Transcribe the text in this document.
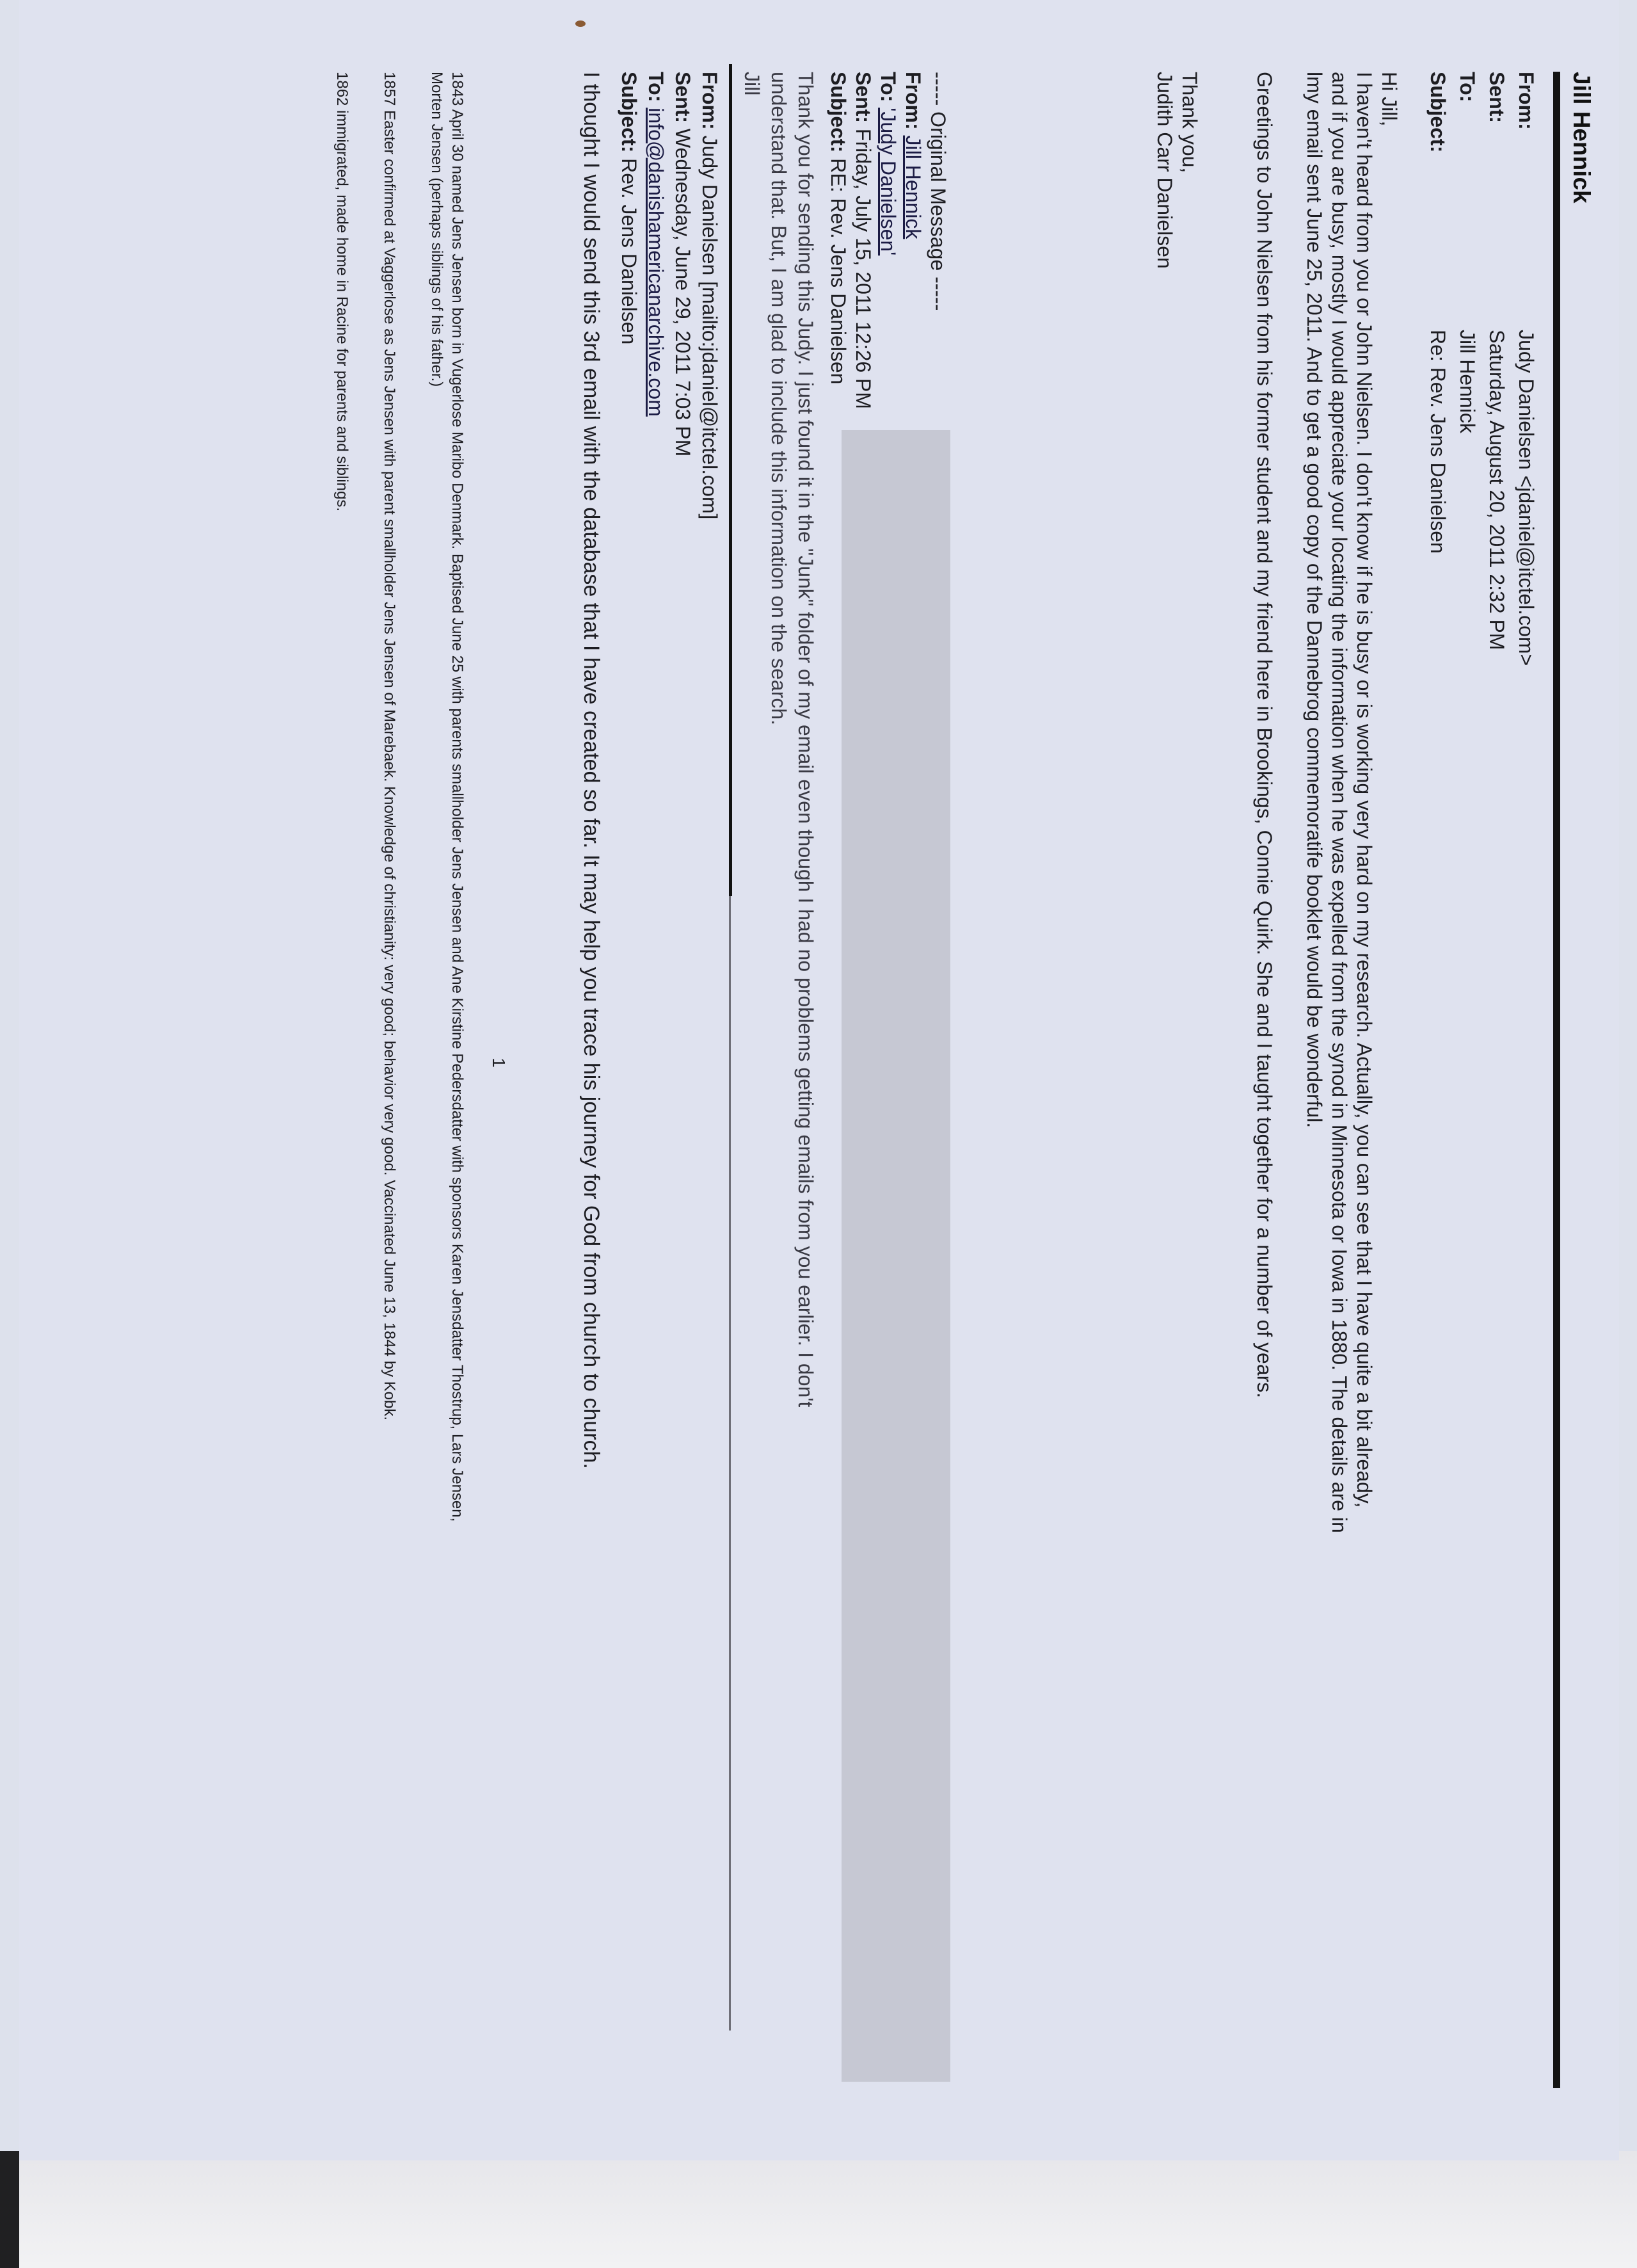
Jill Hennick
From:
Sent:
To:
Subject:
Judy Danielsen <jdaniel@itctel.com>
Saturday, August 20, 2011 2:32 PM
Jill Hennick
Re: Rev. Jens Danielsen

Hi Jill,

I haven't heard from you or John Nielsen. I don't know if he is busy or is working very hard on my research. Actually, you can see that I have quite a bit already,

and if you are busy, mostly I would appreciate your locating the information when he was expelled from the synod in Minnesota or Iowa in 1880. The details are in

lmy email sent June 25, 2011. And to get a good copy of the Dannebrog commemoratife booklet would be wonderful.

Greetings to John Nielsen from his former student and my friend here in Brookings, Connie Quirk. She and I taught together for a number of years.

Thank you,

Judith Carr Danielsen

----- Original Message -----
From: Jill Hennick
To: 'Judy Danielsen'
Sent: Friday, July 15, 2011 12:26 PM
Subject: RE: Rev. Jens Danielsen

Thank you for sending this Judy. I just found it in the "Junk" folder of my email even though I had no problems getting emails from you earlier. I don't

understand that. But, I am glad to include this information on the search.

Jill

From: Judy Danielsen [mailto:jdaniel@itctel.com]
Sent: Wednesday, June 29, 2011 7:03 PM
To: info@danishamericanarchive.com
Subject: Rev. Jens Danielsen
I thought I would send this 3rd email with the database that I have created so far. It may help you trace his journey for God from church to church.
1
1843 April 30 named Jens Jensen born in Vugerlose Maribo Denmark. Baptised June 25 with parents smallholder Jens Jensen and Ane Kirstine Pedersdatter with sponsors Karen Jensdatter Thostrup, Lars Jensen,
Morten Jensen (perhaps siblings of his father.)
1857 Easter confirmed at Vaggerlose as Jens Jensen with parent smallholder Jens Jensen of Marebaek. Knowledge of christianity: very good; behavior very good. Vaccinated June 13, 1844 by Kobk.
1862 immigrated, made home in Racine for parents and siblings.
